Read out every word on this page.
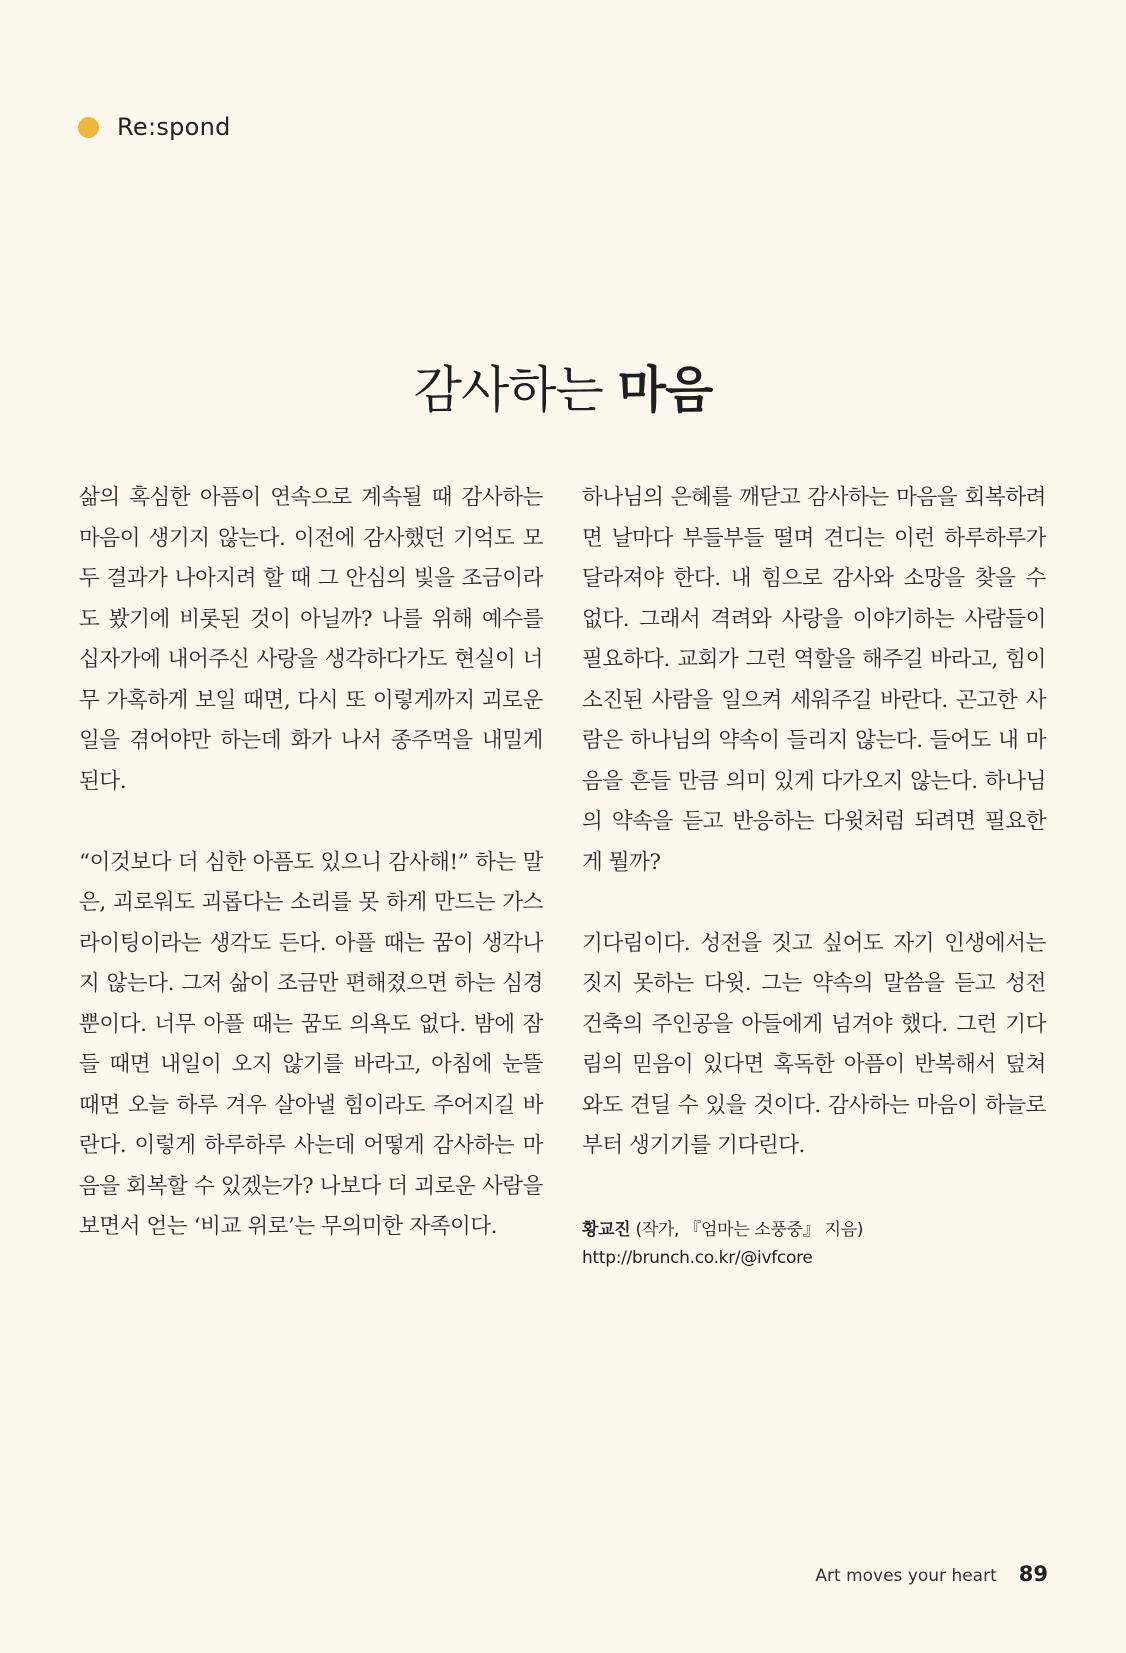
Re:spond
감사하는 마음

삶의 혹심한 아픔이 연속으로 계속될 때 감사하는 마음이 생기지 않는다. 이전에 감사했던 기억도 모두 결과가 나아지려 할 때 그 안심의 빛을 조금이라도 봤기에 비롯된 것이 아닐까? 나를 위해 예수를 십자가에 내어주신 사랑을 생각하다가도 현실이 너무 가혹하게 보일 때면, 다시 또 이렇게까지 괴로운 일을 겪어야만 하는데 화가 나서 종주먹을 내밀게 된다.

“이것보다 더 심한 아픔도 있으니 감사해!” 하는 말은, 괴로워도 괴롭다는 소리를 못 하게 만드는 가스라이팅이라는 생각도 든다. 아플 때는 꿈이 생각나지 않는다. 그저 삶이 조금만 편해졌으면 하는 심경뿐이다. 너무 아플 때는 꿈도 의욕도 없다. 밤에 잠들 때면 내일이 오지 않기를 바라고, 아침에 눈뜰 때면 오늘 하루 겨우 살아낼 힘이라도 주어지길 바란다. 이렇게 하루하루 사는데 어떻게 감사하는 마음을 회복할 수 있겠는가? 나보다 더 괴로운 사람을 보면서 얻는 ‘비교 위로’는 무의미한 자족이다.

하나님의 은혜를 깨닫고 감사하는 마음을 회복하려면 날마다 부들부들 떨며 견디는 이런 하루하루가 달라져야 한다. 내 힘으로 감사와 소망을 찾을 수 없다. 그래서 격려와 사랑을 이야기하는 사람들이 필요하다. 교회가 그런 역할을 해주길 바라고, 힘이 소진된 사람을 일으켜 세워주길 바란다. 곤고한 사람은 하나님의 약속이 들리지 않는다. 들어도 내 마음을 흔들 만큼 의미 있게 다가오지 않는다. 하나님의 약속을 듣고 반응하는 다윗처럼 되려면 필요한 게 뭘까?

기다림이다. 성전을 짓고 싶어도 자기 인생에서는 짓지 못하는 다윗. 그는 약속의 말씀을 듣고 성전 건축의 주인공을 아들에게 넘겨야 했다. 그런 기다림의 믿음이 있다면 혹독한 아픔이 반복해서 덮쳐와도 견딜 수 있을 것이다. 감사하는 마음이 하늘로부터 생기기를 기다린다.

황교진 (작가, 『엄마는 소풍중』 지음)
http://brunch.co.kr/@ivfcore
Art moves your heart 89
